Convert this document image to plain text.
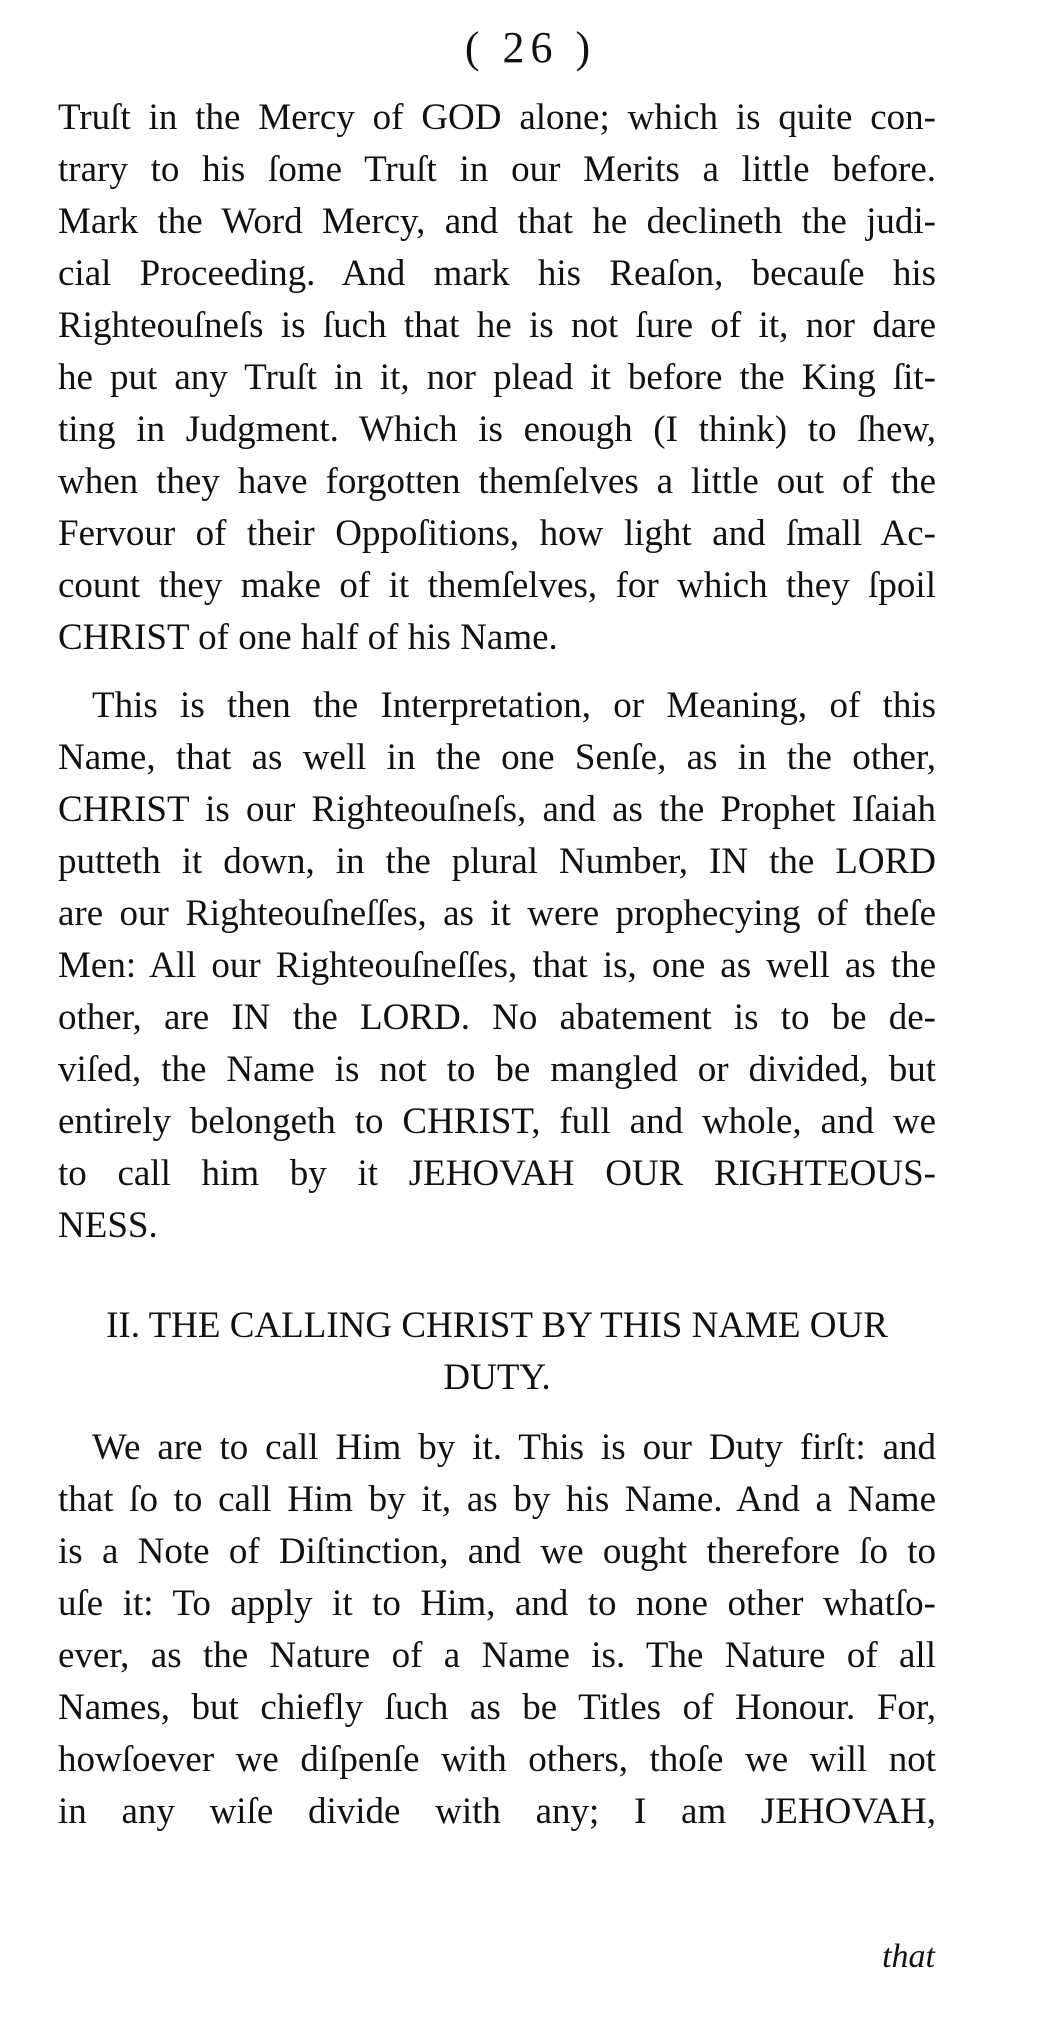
( 26 )
Truſt in the Mercy of GOD alone; which is quite con-
trary to his ſome Truſt in our Merits a little before.
Mark the Word Mercy, and that he declineth the judi-
cial Proceeding. And mark his Reaſon, becauſe his
Righteouſneſs is ſuch that he is not ſure of it, nor dare
he put any Truſt in it, nor plead it before the King ſit-
ting in Judgment. Which is enough (I think) to ſhew,
when they have forgotten themſelves a little out of the
Fervour of their Oppoſitions, how light and ſmall Ac-
count they make of it themſelves, for which they ſpoil
CHRIST of one half of his Name.
This is then the Interpretation, or Meaning, of this
Name, that as well in the one Senſe, as in the other,
CHRIST is our Righteouſneſs, and as the Prophet Iſaiah
putteth it down, in the plural Number, IN the LORD
are our Righteouſneſſes, as it were prophecying of theſe
Men: All our Righteouſneſſes, that is, one as well as the
other, are IN the LORD. No abatement is to be de-
viſed, the Name is not to be mangled or divided, but
entirely belongeth to CHRIST, full and whole, and we
to call him by it JEHOVAH OUR RIGHTEOUS-
NESS.
II. THE CALLING CHRIST BY THIS NAME OUR
DUTY.
We are to call Him by it. This is our Duty firſt: and
that ſo to call Him by it, as by his Name. And a Name
is a Note of Diſtinction, and we ought therefore ſo to
uſe it: To apply it to Him, and to none other whatſo-
ever, as the Nature of a Name is. The Nature of all
Names, but chiefly ſuch as be Titles of Honour. For,
howſoever we diſpenſe with others, thoſe we will not
in any wiſe divide with any; I am JEHOVAH,
that
